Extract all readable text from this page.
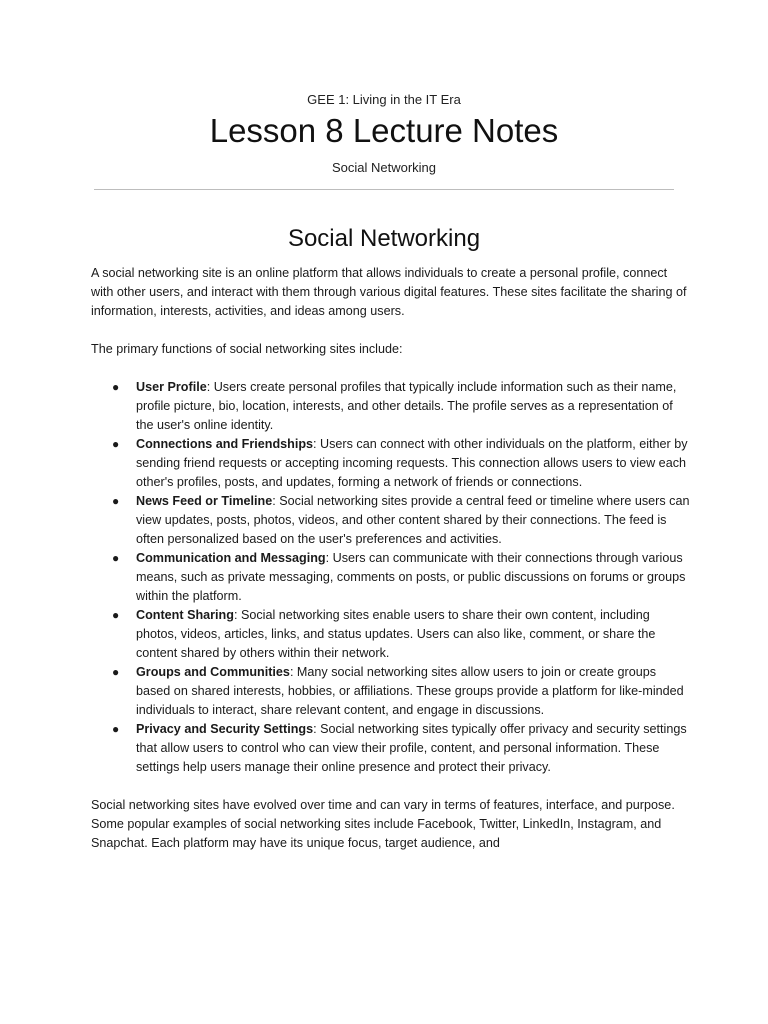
GEE 1: Living in the IT Era
Lesson 8 Lecture Notes
Social Networking
Social Networking

A social networking site is an online platform that allows individuals to create a personal profile, connect with other users, and interact with them through various digital features. These sites facilitate the sharing of information, interests, activities, and ideas among users.

The primary functions of social networking sites include:

● User Profile: Users create personal profiles that typically include information such as their name, profile picture, bio, location, interests, and other details. The profile serves as a representation of the user's online identity.
● Connections and Friendships: Users can connect with other individuals on the platform, either by sending friend requests or accepting incoming requests. This connection allows users to view each other's profiles, posts, and updates, forming a network of friends or connections.
● News Feed or Timeline: Social networking sites provide a central feed or timeline where users can view updates, posts, photos, videos, and other content shared by their connections. The feed is often personalized based on the user's preferences and activities.
● Communication and Messaging: Users can communicate with their connections through various means, such as private messaging, comments on posts, or public discussions on forums or groups within the platform.
● Content Sharing: Social networking sites enable users to share their own content, including photos, videos, articles, links, and status updates. Users can also like, comment, or share the content shared by others within their network.
● Groups and Communities: Many social networking sites allow users to join or create groups based on shared interests, hobbies, or affiliations. These groups provide a platform for like-minded individuals to interact, share relevant content, and engage in discussions.
● Privacy and Security Settings: Social networking sites typically offer privacy and security settings that allow users to control who can view their profile, content, and personal information. These settings help users manage their online presence and protect their privacy.

Social networking sites have evolved over time and can vary in terms of features, interface, and purpose. Some popular examples of social networking sites include Facebook, Twitter, LinkedIn, Instagram, and Snapchat. Each platform may have its unique focus, target audience, and
